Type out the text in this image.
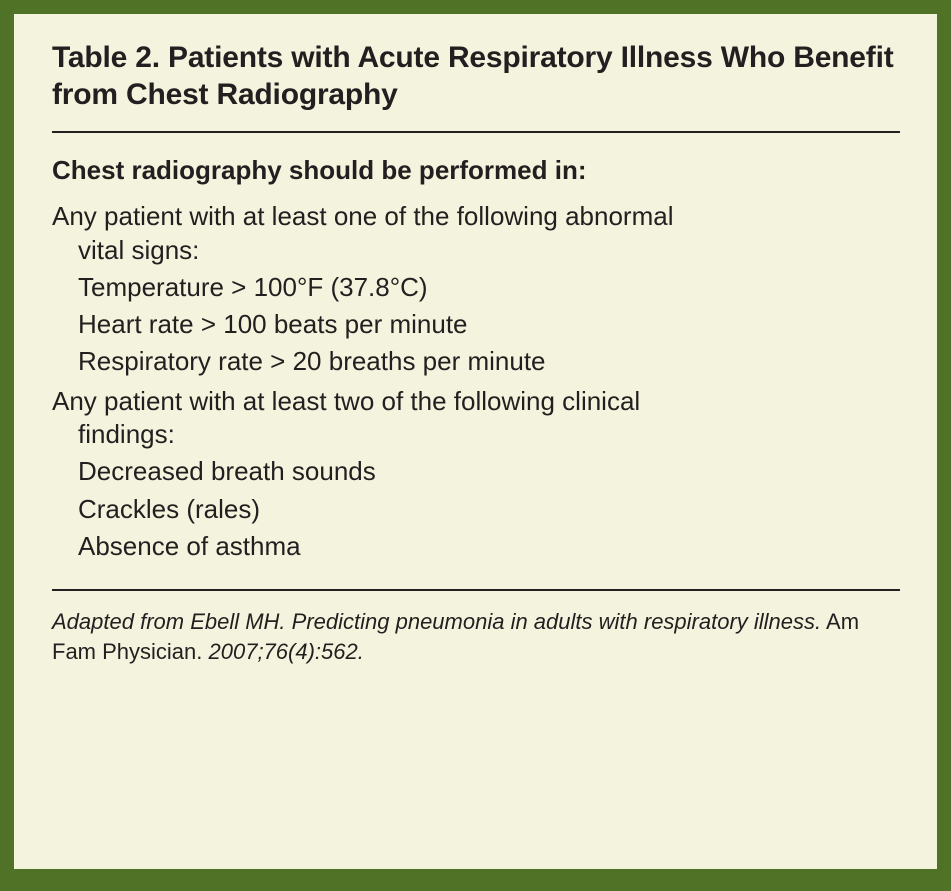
Table 2. Patients with Acute Respiratory Illness Who Benefit from Chest Radiography
Chest radiography should be performed in:
Any patient with at least one of the following abnormal
vital signs:
Temperature > 100°F (37.8°C)
Heart rate > 100 beats per minute
Respiratory rate > 20 breaths per minute
Any patient with at least two of the following clinical
findings:
Decreased breath sounds
Crackles (rales)
Absence of asthma

Adapted from Ebell MH. Predicting pneumonia in adults with respiratory illness. Am Fam Physician. 2007;76(4):562.
